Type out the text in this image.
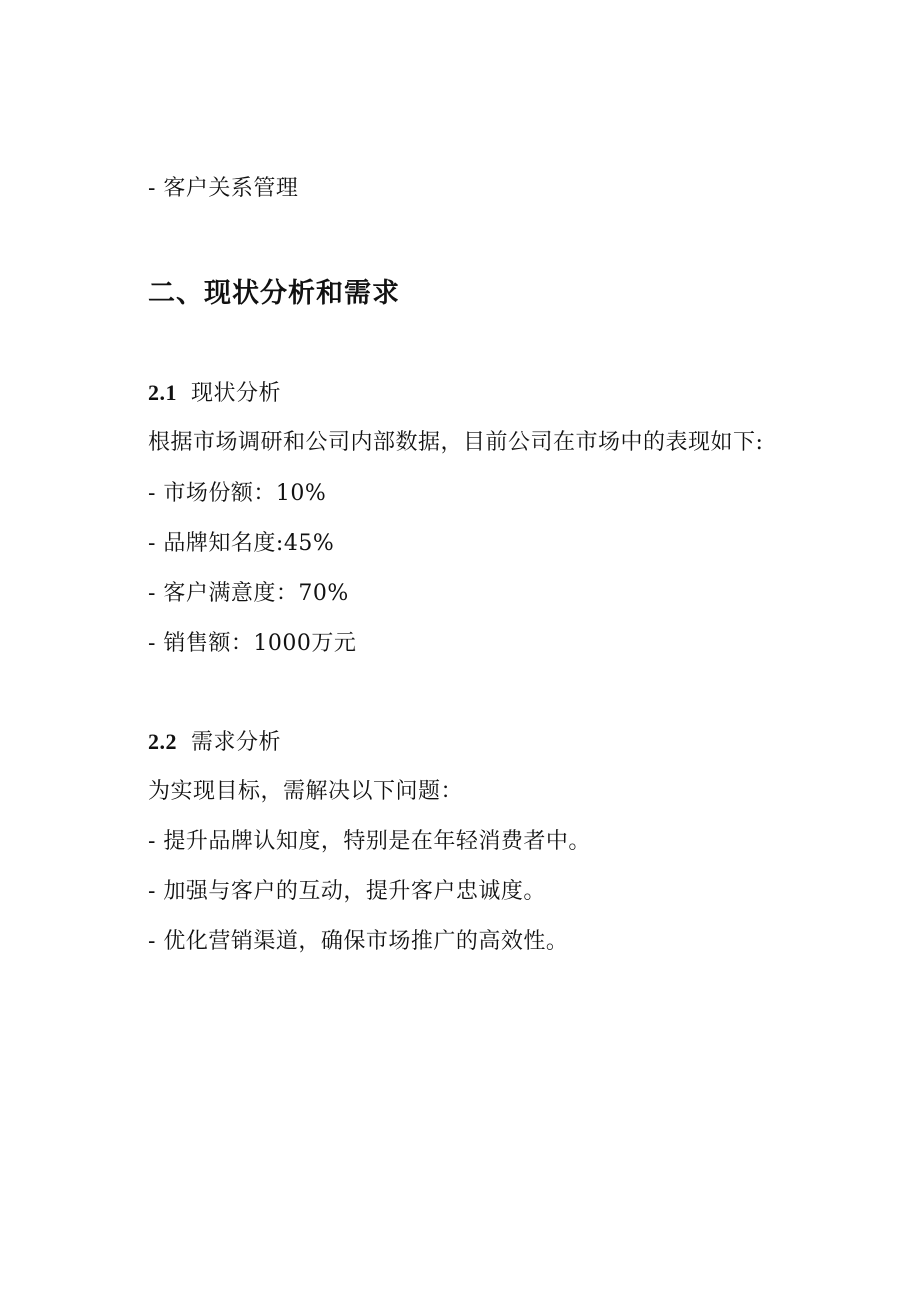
- 客户关系管理
二、现状分析和需求
2.1 现状分析
根据市场调研和公司内部数据，目前公司在市场中的表现如下:
- 市场份额：10%
- 品牌知名度:45%
- 客户满意度：70%
- 销售额：1000万元
2.2 需求分析
为实现目标，需解决以下问题：
- 提升品牌认知度，特别是在年轻消费者中。
- 加强与客户的互动，提升客户忠诚度。
- 优化营销渠道，确保市场推广的高效性。
